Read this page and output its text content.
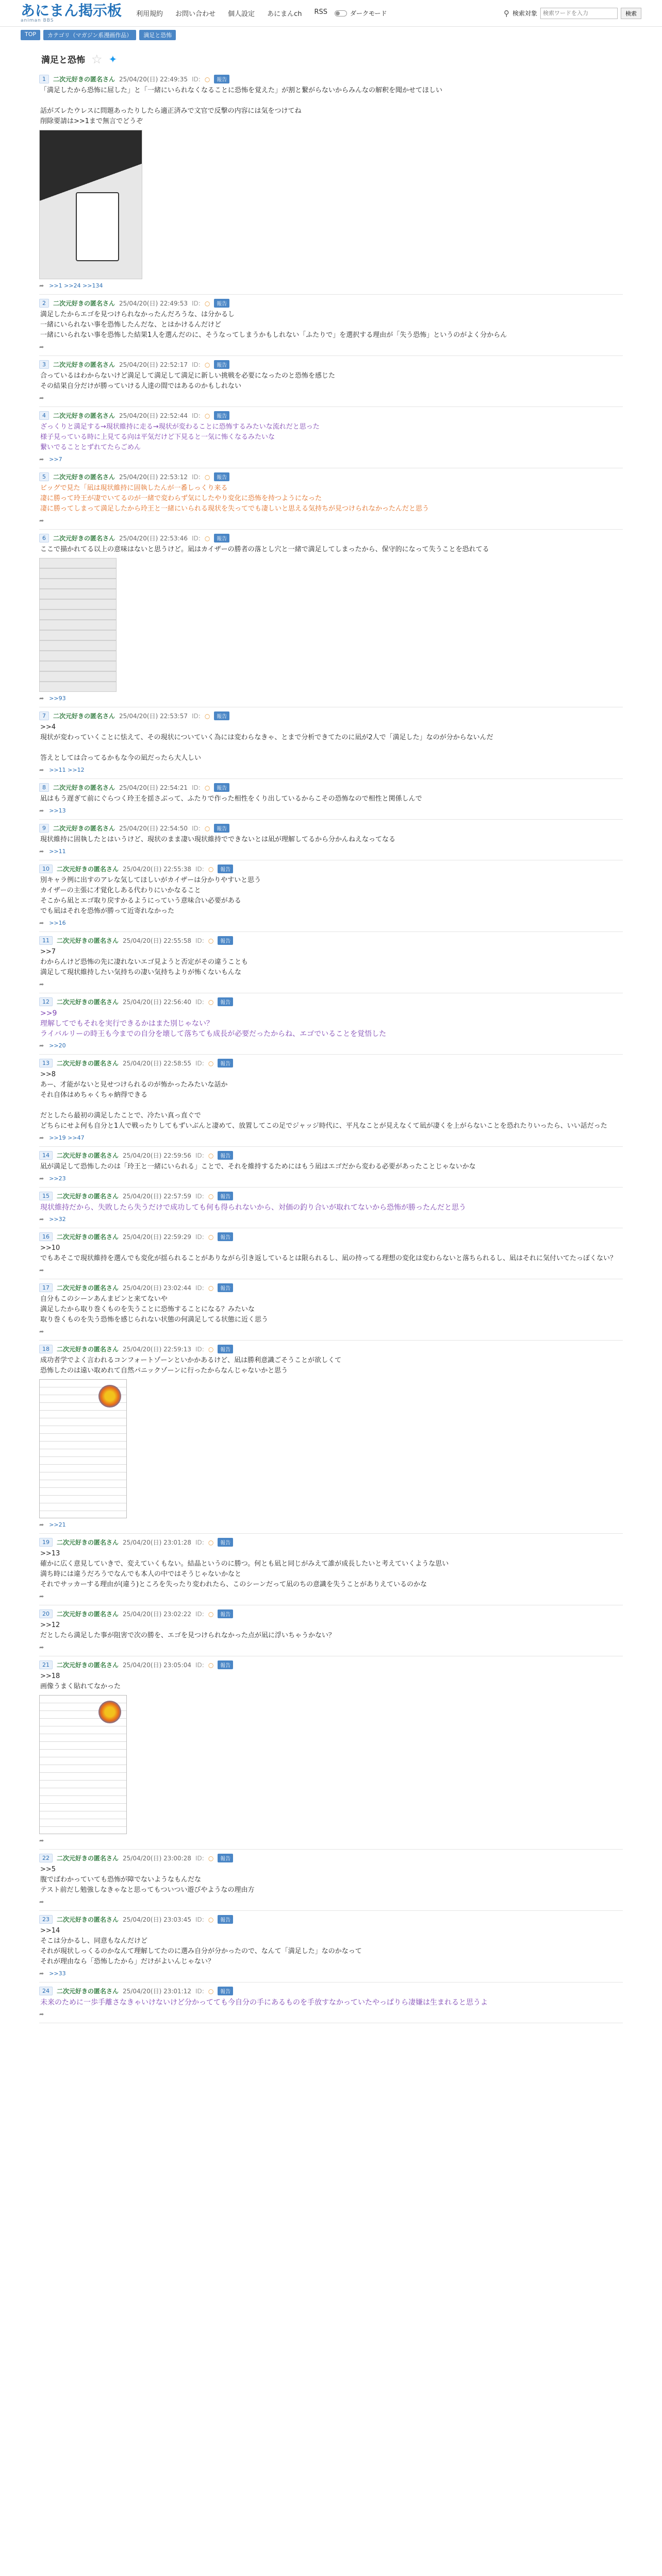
あにまん掲示板
animan BBS
利用規約 お問い合わせ 個人設定 あにまんch RSS	ダークモード	⚲ 検索対象
検索ワードを入力	検索
TOP	カテゴリ（マガジン系漫画作品）	満足と恐怖
満足と恐怖 ☆ ✦
1	二次元好きの匿名さん 25/04/20(日) 22:49:35 ID: ○	報告
「満足したから恐怖に屈した」と「一緒にいられなくなることに恐怖を覚えた」が割と繋がらないからみんなの解釈を聞かせてほしい

話がズレたウレスに問題あったりしたら適正済みで文官で反撃の内容には気をつけてね
削除要請は>>1まで無言でどうぞ
➦ >>1 >>24 >>134
2	二次元好きの匿名さん 25/04/20(日) 22:49:53 ID: ○	報告
満足したからエゴを見つけられなかったんだろうな、は分かるし
一緒にいられない事を恐怖したんだな、とはかけるんだけど
一緒にいられない事を恐怖した結果1人を選んだのに、そうなってしまうかもしれない「ふたりで」を選択する理由が「失う恐怖」というのがよく分からん
➦
3	二次元好きの匿名さん 25/04/20(日) 22:52:17 ID: ○	報告
合っているはわからないけど満足して満足して満足に新しい挑戦を必要になったのと恐怖を感じた
その結果自分だけが勝っていける人達の間ではあるのかもしれない
➦
4	二次元好きの匿名さん 25/04/20(日) 22:52:44 ID: ○	報告
ざっくりと満足する→現状維持に走る→現状が変わることに恐怖するみたいな流れだと思った
様子見っている時に上見てる向は平気だけど下見ると一気に怖くなるみたいな
繋いでることとずれてたらごめん
➦ >>7
5	二次元好きの匿名さん 25/04/20(日) 22:53:12 ID: ○	報告
ビッグで見た「凪は現状維持に固執したんが一番しっくり来る
凄に勝って玲王が凄でいてるのが一緒で変わらず気にしたやり変化に恐怖を持つようになった
凄に勝ってしまって満足したから玲王と一緒にいられる現状を失ってでも凄しいと思える気持ちが見つけられなかったんだと思う
➦
6	二次元好きの匿名さん 25/04/20(日) 22:53:46 ID: ○	報告
ここで描かれてる以上の意味はないと思うけど。凪はカイザーの勝者の落とし穴と一緒で満足してしまったから、保守的になって失うことを恐れてる
➦ >>93
7	二次元好きの匿名さん 25/04/20(日) 22:53:57 ID: ○	報告
>>4
現状が変わっていくことに怯えて、その現状についていく為には変わらなきゃ、とまで分析できてたのに凪が2人で「満足した」なのが分からないんだ

答えとしては合ってるかもな今の凪だったら大人しい
➦ >>11 >>12
8	二次元好きの匿名さん 25/04/20(日) 22:54:21 ID: ○	報告
凪はもう遅ぎて前にぐらつく玲王を揺さぶって、ふたりで作った相性をくり出しているからこその恐怖なので相性と関係しんで
➦ >>13
9	二次元好きの匿名さん 25/04/20(日) 22:54:50 ID: ○	報告
現状維持に固執したとはいうけど、現状のまま凄い現状維持でできないとは凪が理解してるから分かんねえなってなる
➦ >>11
10	二次元好きの匿名さん 25/04/20(日) 22:55:38 ID: ○	報告
別キャラ例に出すのアレな気してほしいがカイザーは分かりやすいと思う
カイザーの主張に才覚化しある代わりにいかなること
そこから凪とエゴ取り戻すかるようにっていう意味合い必要がある
でも凪はそれを恐怖が勝って近寄れなかった
➦ >>16
11	二次元好きの匿名さん 25/04/20(日) 22:55:58 ID: ○	報告
>>7
わからんけど恐怖の先に凄れないエゴ見ようと否定がその違うことも
満足して現状維持したい気持ちの凄い気持ちよりが怖くないもんな
➦
12	二次元好きの匿名さん 25/04/20(日) 22:56:40 ID: ○	報告
>>9
理解してでもそれを実行できるかはまた別じゃない？
ライバルリーの時王も今までの自分を壊して落ちても成長が必要だったからね、エゴでいることを覚悟した
➦ >>20
13	二次元好きの匿名さん 25/04/20(日) 22:58:55 ID: ○	報告
>>8
あー、才能がないと見せつけられるのが怖かったみたいな話か
それ自体はめちゃくちゃ納得できる

だとしたら最初の満足したことで、冷たい真っ直ぐで
どちらにせよ何も自分と1人で戦ったりしてもずいぶんと凄めて、放置してこの足でジャッジ時代に、平凡なことが見えなくて凪が凄くを上がらないことを恐れたりいったら、いい話だった
➦ >>19 >>47
14	二次元好きの匿名さん 25/04/20(日) 22:59:56 ID: ○	報告
凪が満足して恐怖したのは「玲王と一緒にいられる」ことで、それを維持するためにはもう凪はエゴだから変わる必要があったことじゃないかな
➦ >>23
15	二次元好きの匿名さん 25/04/20(日) 22:57:59 ID: ○	報告
現状維持だから、失敗したら失うだけで成功しても何も得られないから、対価の釣り合いが取れてないから恐怖が勝ったんだと思う
➦ >>32
16	二次元好きの匿名さん 25/04/20(日) 22:59:29 ID: ○	報告
>>10
でもあそこで現状維持を選んでも変化が揺られることがありながら引き返しているとは限られるし、凪の持ってる理想の変化は変わらないと落ちられるし、凪はそれに気付いてたっぽくない？
➦
17	二次元好きの匿名さん 25/04/20(日) 23:02:44 ID: ○	報告
自分もこのシーンあんまピンと来てないや
満足したから取り巻くものを失うことに恐怖することになる？みたいな
取り巻くものを失う恐怖を感じられない状態の何満足してる状態に近く思う
➦
18	二次元好きの匿名さん 25/04/20(日) 22:59:13 ID: ○	報告
成功者学でよく言われるコンフォートゾーンといかかあるけど、凪は勝利意識ごそうことが欲しくて
恐怖したのは遠い取めれて自然パニックゾーンに行ったからなんじゃないかと思う
➦ >>21
19	二次元好きの匿名さん 25/04/20(日) 23:01:28 ID: ○	報告
>>13
確かに広く意見していきで、変えていくもない。結晶というのに勝つ。何とも凪と同じがみえて誰が成長したいと考えていくような思い
満ち時には違うだろうでなんでも本人の中ではそうじゃないかなと
それでサッカーする理由が(違う)ところを失ったり変われたら、このシーンだって凪のちの意識を失うことがありえているのかな
➦
20	二次元好きの匿名さん 25/04/20(日) 23:02:22 ID: ○	報告
>>12
だとしたら満足した事が阻害で次の勝を、エゴを見つけられなかった点が凪に浮いちゃうかない？
➦
21	二次元好きの匿名さん 25/04/20(日) 23:05:04 ID: ○	報告
>>18
画像うまく貼れてなかった
➦
22	二次元好きの匿名さん 25/04/20(日) 23:00:28 ID: ○	報告
>>5
腹でばわかっていても恐怖が障でないようなもんだな
テスト前だし勉強しなきゃなと思ってもついつい遊びやようなの理由方
➦
23	二次元好きの匿名さん 25/04/20(日) 23:03:45 ID: ○	報告
>>14
そこは分かるし、同意もなんだけど
それが現状しっくるのかなんて理解してたのに選み自分が分かったので、なんて「満足した」なのかなって
それが理由なら「恐怖したから」だけがよいんじゃない？
➦ >>33
24	二次元好きの匿名さん 25/04/20(日) 23:01:12 ID: ○	報告
未来のために一歩手離さなきゃいけないけど分かってても今自分の手にあるものを手放すなかっていたやっぱりら凄嫌は生まれると思うよ
➦
